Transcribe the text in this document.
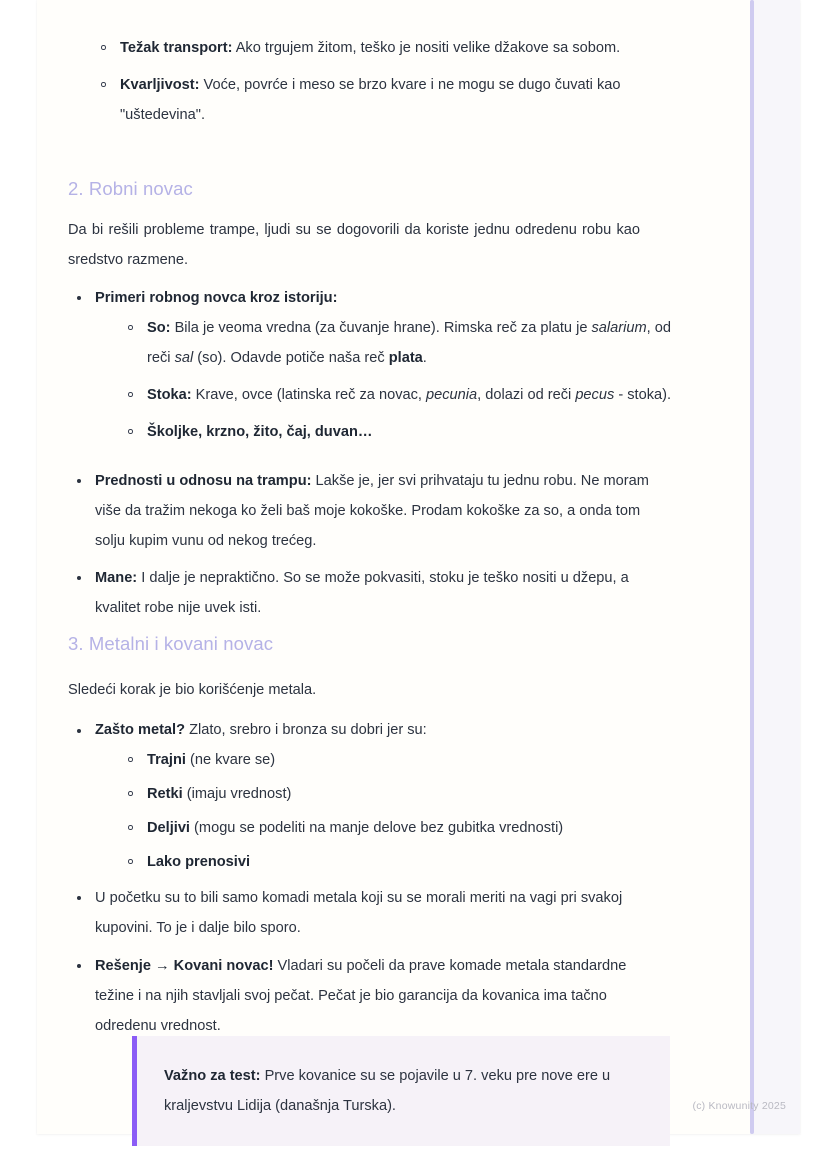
Težak transport: Ako trgujem žitom, teško je nositi velike džakove sa sobom.
Kvarljivost: Voće, povrće i meso se brzo kvare i ne mogu se dugo čuvati kao "uštedevina".
2. Robni novac

Da bi rešili probleme trampe, ljudi su se dogovorili da koriste jednu odredenu robu kao sredstvo razmene.

Primeri robnog novca kroz istoriju:
So: Bila je veoma vredna (za čuvanje hrane). Rimska reč za platu je salarium, od reči sal (so). Odavde potiče naša reč plata.
Stoka: Krave, ovce (latinska reč za novac, pecunia, dolazi od reči pecus - stoka).
Školjke, krzno, žito, čaj, duvan…
Prednosti u odnosu na trampu: Lakše je, jer svi prihvataju tu jednu robu. Ne moram više da tražim nekoga ko želi baš moje kokoške. Prodam kokoške za so, a onda tom solju kupim vunu od nekog trećeg.
Mane: I dalje je nepraktično. So se može pokvasiti, stoku je teško nositi u džepu, a kvalitet robe nije uvek isti.
3. Metalni i kovani novac

Sledeći korak je bio korišćenje metala.

Zašto metal? Zlato, srebro i bronza su dobri jer su:
Trajni (ne kvare se)
Retki (imaju vrednost)
Deljivi (mogu se podeliti na manje delove bez gubitka vrednosti)
Lako prenosivi
U početku su to bili samo komadi metala koji su se morali meriti na vagi pri svakoj kupovini. To je i dalje bilo sporo.
Rešenje → Kovani novac! Vladari su počeli da prave komade metala standardne težine i na njih stavljali svoj pečat. Pečat je bio garancija da kovanica ima tačno odredenu vrednost.

Važno za test: Prve kovanice su se pojavile u 7. veku pre nove ere u kraljevstvu Lidija (današnja Turska).	(c) Knowunity 2025
